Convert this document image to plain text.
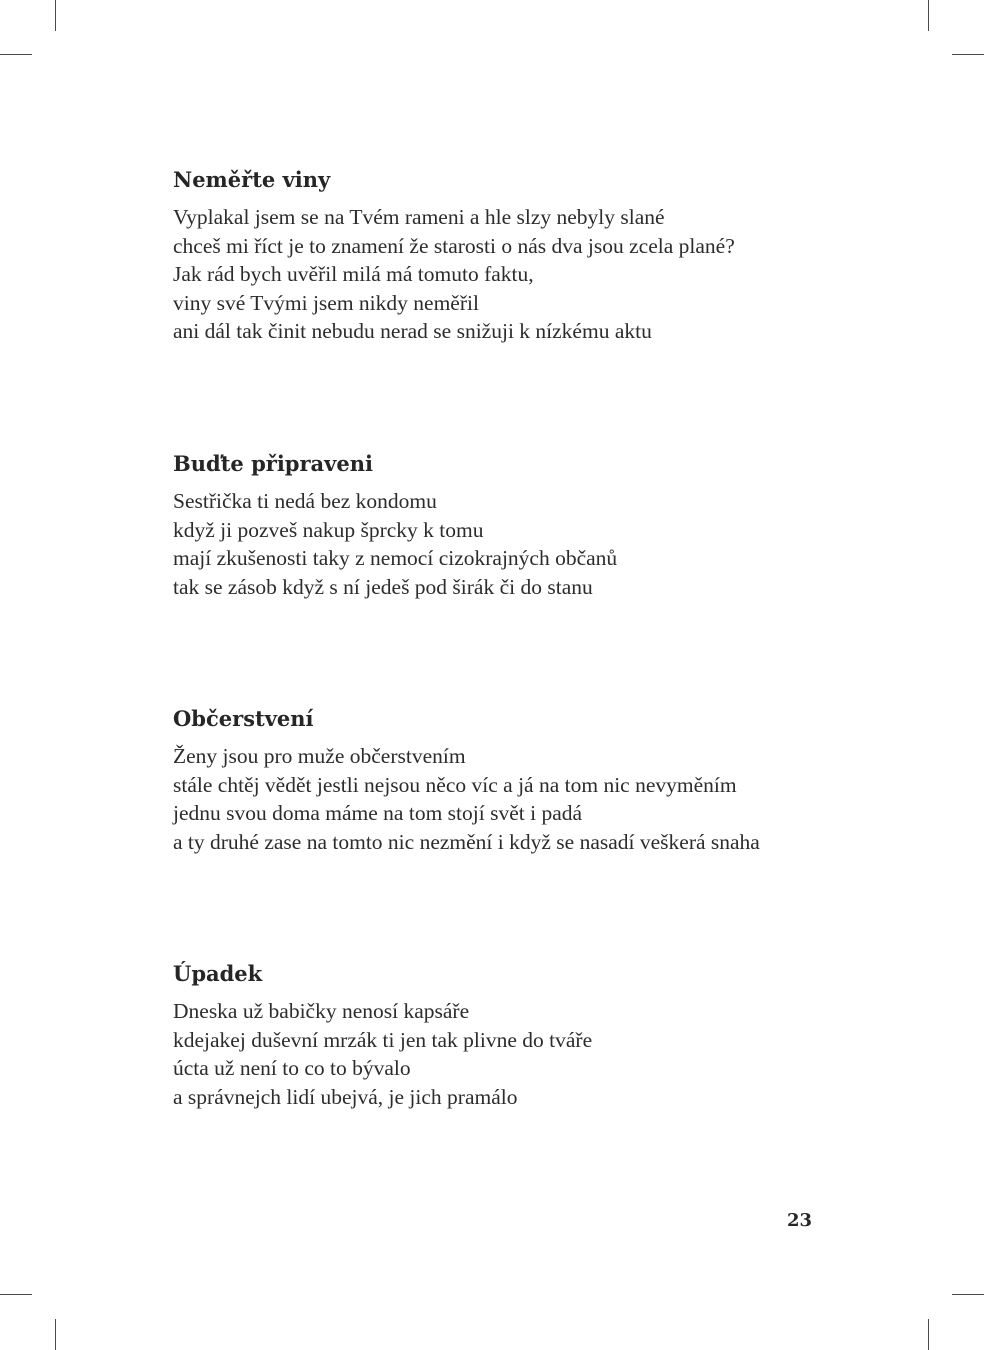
Neměřte viny
Vyplakal jsem se na Tvém rameni a hle slzy nebyly slané
chceš mi říct je to znamení že starosti o nás dva jsou zcela plané?
Jak rád bych uvěřil milá má tomuto faktu,
viny své Tvými jsem nikdy neměřil
ani dál tak činit nebudu nerad se snižuji k nízkému aktu
Buďte připraveni
Sestřička ti nedá bez kondomu
když ji pozveš nakup šprcky k tomu
mají zkušenosti taky z nemocí cizokrajných občanů
tak se zásob když s ní jedeš pod širák či do stanu
Občerstvení
Ženy jsou pro muže občerstvením
stále chtěj vědět jestli nejsou něco víc a já na tom nic nevyměním
jednu svou doma máme na tom stojí svět i padá
a ty druhé zase na tomto nic nezmění i když se nasadí veškerá snaha
Úpadek
Dneska už babičky nenosí kapsáře
kdejakej duševní mrzák ti jen tak plivne do tváře
úcta už není to co to bývalo
a správnejch lidí ubejvá, je jich pramálo
23
